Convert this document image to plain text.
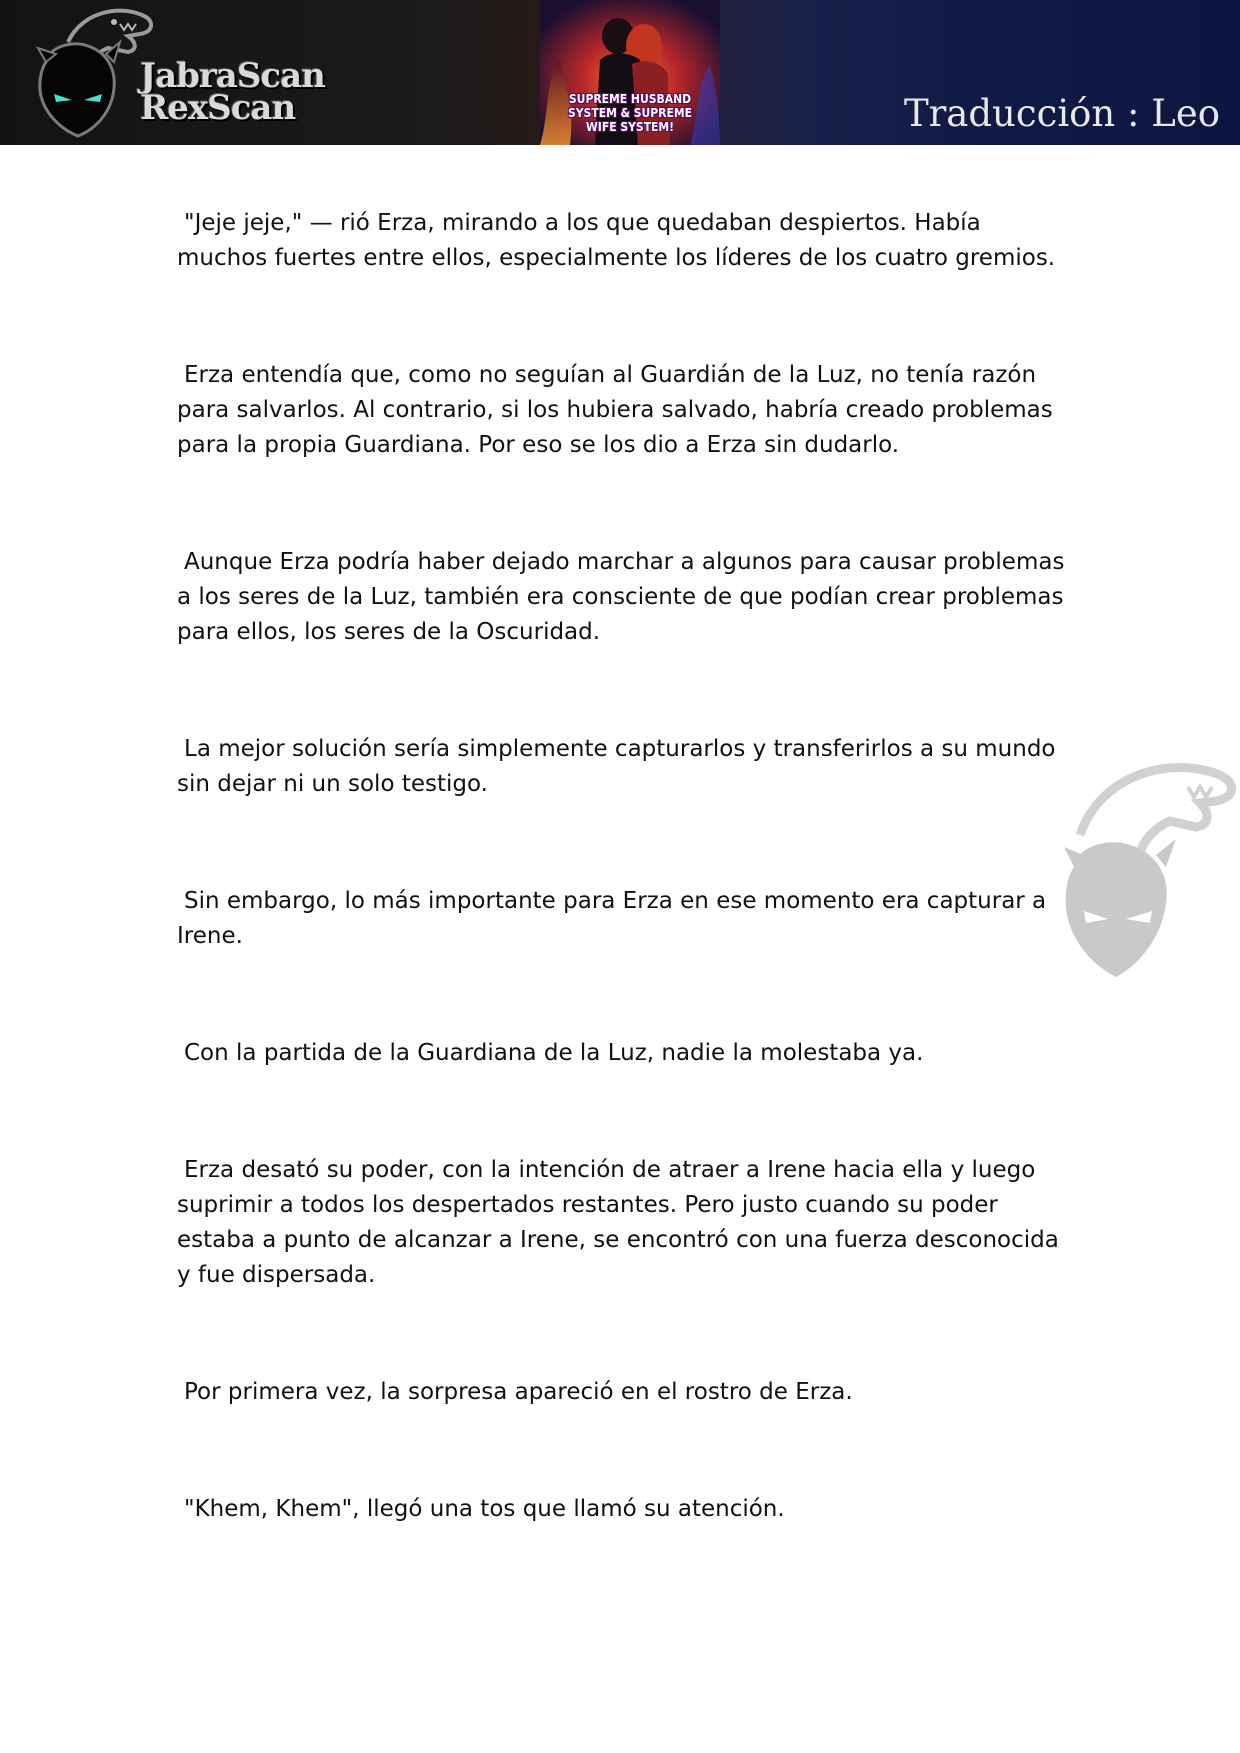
JabraScan
RexScan	SUPREME HUSBAND
SYSTEM & SUPREME
WIFE SYSTEM!	Traducción : Leo

"Jeje jeje," — rió Erza, mirando a los que quedaban despiertos. Había muchos fuertes entre ellos, especialmente los líderes de los cuatro gremios.

Erza entendía que, como no seguían al Guardián de la Luz, no tenía razón para salvarlos. Al contrario, si los hubiera salvado, habría creado problemas para la propia Guardiana. Por eso se los dio a Erza sin dudarlo.

Aunque Erza podría haber dejado marchar a algunos para causar problemas a los seres de la Luz, también era consciente de que podían crear problemas para ellos, los seres de la Oscuridad.

La mejor solución sería simplemente capturarlos y transferirlos a su mundo sin dejar ni un solo testigo.

Sin embargo, lo más importante para Erza en ese momento era capturar a Irene.

Con la partida de la Guardiana de la Luz, nadie la molestaba ya.

Erza desató su poder, con la intención de atraer a Irene hacia ella y luego suprimir a todos los despertados restantes. Pero justo cuando su poder estaba a punto de alcanzar a Irene, se encontró con una fuerza desconocida y fue dispersada.

Por primera vez, la sorpresa apareció en el rostro de Erza.

"Khem, Khem", llegó una tos que llamó su atención.
